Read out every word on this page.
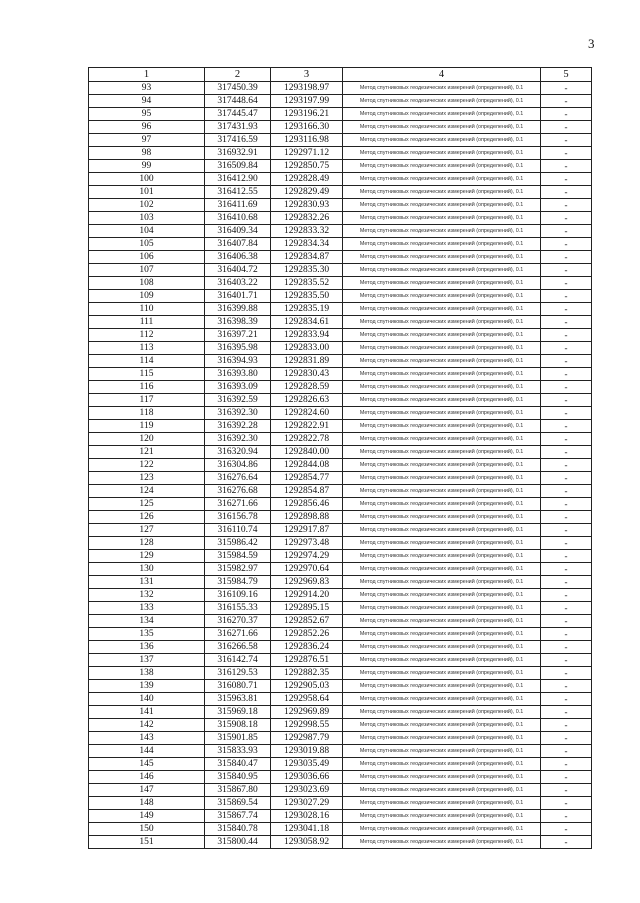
3
1	2	3	4	5
93	317450.39	1293198.97	Метод спутниковых геодезических измерений (определений), 0.1	-
94	317448.64	1293197.99	Метод спутниковых геодезических измерений (определений), 0.1	-
95	317445.47	1293196.21	Метод спутниковых геодезических измерений (определений), 0.1	-
96	317431.93	1293166.30	Метод спутниковых геодезических измерений (определений), 0.1	-
97	317416.59	1293116.98	Метод спутниковых геодезических измерений (определений), 0.1	-
98	316932.91	1292971.12	Метод спутниковых геодезических измерений (определений), 0.1	-
99	316509.84	1292850.75	Метод спутниковых геодезических измерений (определений), 0.1	-
100	316412.90	1292828.49	Метод спутниковых геодезических измерений (определений), 0.1	-
101	316412.55	1292829.49	Метод спутниковых геодезических измерений (определений), 0.1	-
102	316411.69	1292830.93	Метод спутниковых геодезических измерений (определений), 0.1	-
103	316410.68	1292832.26	Метод спутниковых геодезических измерений (определений), 0.1	-
104	316409.34	1292833.32	Метод спутниковых геодезических измерений (определений), 0.1	-
105	316407.84	1292834.34	Метод спутниковых геодезических измерений (определений), 0.1	-
106	316406.38	1292834.87	Метод спутниковых геодезических измерений (определений), 0.1	-
107	316404.72	1292835.30	Метод спутниковых геодезических измерений (определений), 0.1	-
108	316403.22	1292835.52	Метод спутниковых геодезических измерений (определений), 0.1	-
109	316401.71	1292835.50	Метод спутниковых геодезических измерений (определений), 0.1	-
110	316399.88	1292835.19	Метод спутниковых геодезических измерений (определений), 0.1	-
111	316398.39	1292834.61	Метод спутниковых геодезических измерений (определений), 0.1	-
112	316397.21	1292833.94	Метод спутниковых геодезических измерений (определений), 0.1	-
113	316395.98	1292833.00	Метод спутниковых геодезических измерений (определений), 0.1	-
114	316394.93	1292831.89	Метод спутниковых геодезических измерений (определений), 0.1	-
115	316393.80	1292830.43	Метод спутниковых геодезических измерений (определений), 0.1	-
116	316393.09	1292828.59	Метод спутниковых геодезических измерений (определений), 0.1	-
117	316392.59	1292826.63	Метод спутниковых геодезических измерений (определений), 0.1	-
118	316392.30	1292824.60	Метод спутниковых геодезических измерений (определений), 0.1	-
119	316392.28	1292822.91	Метод спутниковых геодезических измерений (определений), 0.1	-
120	316392.30	1292822.78	Метод спутниковых геодезических измерений (определений), 0.1	-
121	316320.94	1292840.00	Метод спутниковых геодезических измерений (определений), 0.1	-
122	316304.86	1292844.08	Метод спутниковых геодезических измерений (определений), 0.1	-
123	316276.64	1292854.77	Метод спутниковых геодезических измерений (определений), 0.1	-
124	316276.68	1292854.87	Метод спутниковых геодезических измерений (определений), 0.1	-
125	316271.66	1292856.46	Метод спутниковых геодезических измерений (определений), 0.1	-
126	316156.78	1292898.88	Метод спутниковых геодезических измерений (определений), 0.1	-
127	316110.74	1292917.87	Метод спутниковых геодезических измерений (определений), 0.1	-
128	315986.42	1292973.48	Метод спутниковых геодезических измерений (определений), 0.1	-
129	315984.59	1292974.29	Метод спутниковых геодезических измерений (определений), 0.1	-
130	315982.97	1292970.64	Метод спутниковых геодезических измерений (определений), 0.1	-
131	315984.79	1292969.83	Метод спутниковых геодезических измерений (определений), 0.1	-
132	316109.16	1292914.20	Метод спутниковых геодезических измерений (определений), 0.1	-
133	316155.33	1292895.15	Метод спутниковых геодезических измерений (определений), 0.1	-
134	316270.37	1292852.67	Метод спутниковых геодезических измерений (определений), 0.1	-
135	316271.66	1292852.26	Метод спутниковых геодезических измерений (определений), 0.1	-
136	316266.58	1292836.24	Метод спутниковых геодезических измерений (определений), 0.1	-
137	316142.74	1292876.51	Метод спутниковых геодезических измерений (определений), 0.1	-
138	316129.53	1292882.35	Метод спутниковых геодезических измерений (определений), 0.1	-
139	316080.71	1292905.03	Метод спутниковых геодезических измерений (определений), 0.1	-
140	315963.81	1292958.64	Метод спутниковых геодезических измерений (определений), 0.1	-
141	315969.18	1292969.89	Метод спутниковых геодезических измерений (определений), 0.1	-
142	315908.18	1292998.55	Метод спутниковых геодезических измерений (определений), 0.1	-
143	315901.85	1292987.79	Метод спутниковых геодезических измерений (определений), 0.1	-
144	315833.93	1293019.88	Метод спутниковых геодезических измерений (определений), 0.1	-
145	315840.47	1293035.49	Метод спутниковых геодезических измерений (определений), 0.1	-
146	315840.95	1293036.66	Метод спутниковых геодезических измерений (определений), 0.1	-
147	315867.80	1293023.69	Метод спутниковых геодезических измерений (определений), 0.1	-
148	315869.54	1293027.29	Метод спутниковых геодезических измерений (определений), 0.1	-
149	315867.74	1293028.16	Метод спутниковых геодезических измерений (определений), 0.1	-
150	315840.78	1293041.18	Метод спутниковых геодезических измерений (определений), 0.1	-
151	315800.44	1293058.92	Метод спутниковых геодезических измерений (определений), 0.1	-
